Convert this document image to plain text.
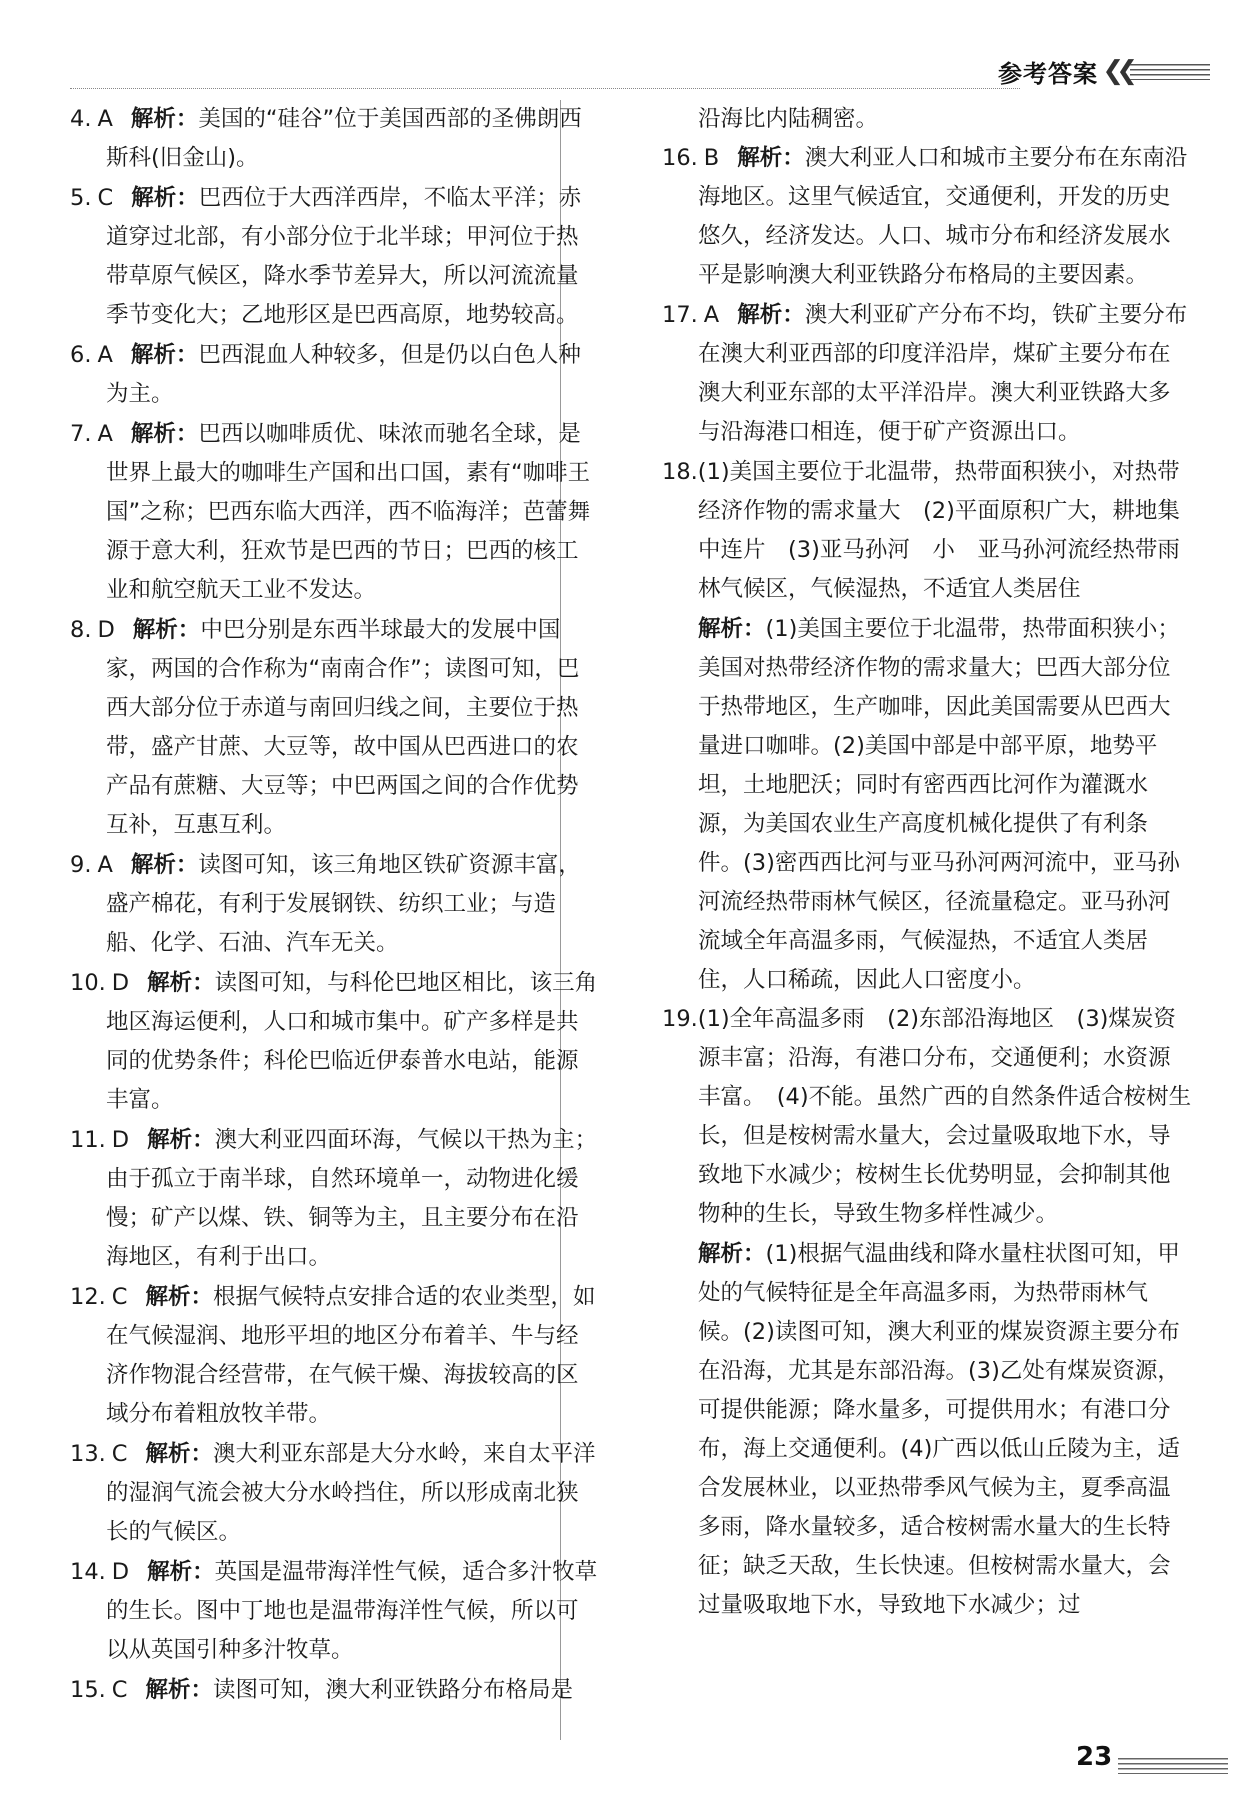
参考答案 ❮❮
4. A 解析：美国的“硅谷”位于美国西部的圣佛朗西斯科(旧金山)。
5. C 解析：巴西位于大西洋西岸，不临太平洋；赤道穿过北部，有小部分位于北半球；甲河位于热带草原气候区，降水季节差异大，所以河流流量季节变化大；乙地形区是巴西高原，地势较高。
6. A 解析：巴西混血人种较多，但是仍以白色人种为主。
7. A 解析：巴西以咖啡质优、味浓而驰名全球，是世界上最大的咖啡生产国和出口国，素有“咖啡王国”之称；巴西东临大西洋，西不临海洋；芭蕾舞源于意大利，狂欢节是巴西的节日；巴西的核工业和航空航天工业不发达。
8. D 解析：中巴分别是东西半球最大的发展中国家，两国的合作称为“南南合作”；读图可知，巴西大部分位于赤道与南回归线之间，主要位于热带，盛产甘蔗、大豆等，故中国从巴西进口的农产品有蔗糖、大豆等；中巴两国之间的合作优势互补，互惠互利。
9. A 解析：读图可知，该三角地区铁矿资源丰富，盛产棉花，有利于发展钢铁、纺织工业；与造船、化学、石油、汽车无关。
10. D 解析：读图可知，与科伦巴地区相比，该三角地区海运便利，人口和城市集中。矿产多样是共同的优势条件；科伦巴临近伊泰普水电站，能源丰富。
11. D 解析：澳大利亚四面环海，气候以干热为主；由于孤立于南半球，自然环境单一，动物进化缓慢；矿产以煤、铁、铜等为主，且主要分布在沿海地区，有利于出口。
12. C 解析：根据气候特点安排合适的农业类型，如在气候湿润、地形平坦的地区分布着羊、牛与经济作物混合经营带，在气候干燥、海拔较高的区域分布着粗放牧羊带。
13. C 解析：澳大利亚东部是大分水岭，来自太平洋的湿润气流会被大分水岭挡住，所以形成南北狭长的气候区。
14. D 解析：英国是温带海洋性气候，适合多汁牧草的生长。图中丁地也是温带海洋性气候，所以可以从英国引种多汁牧草。
15. C 解析：读图可知，澳大利亚铁路分布格局是
沿海比内陆稠密。
16. B 解析：澳大利亚人口和城市主要分布在东南沿海地区。这里气候适宜，交通便利，开发的历史悠久，经济发达。人口、城市分布和经济发展水平是影响澳大利亚铁路分布格局的主要因素。
17. A 解析：澳大利亚矿产分布不均，铁矿主要分布在澳大利亚西部的印度洋沿岸，煤矿主要分布在澳大利亚东部的太平洋沿岸。澳大利亚铁路大多与沿海港口相连，便于矿产资源出口。
18.(1)美国主要位于北温带，热带面积狭小，对热带经济作物的需求量大　(2)平面原积广大，耕地集中连片　(3)亚马孙河　小　亚马孙河流经热带雨林气候区，气候湿热，不适宜人类居住
解析：(1)美国主要位于北温带，热带面积狭小；美国对热带经济作物的需求量大；巴西大部分位于热带地区，生产咖啡，因此美国需要从巴西大量进口咖啡。(2)美国中部是中部平原，地势平坦，土地肥沃；同时有密西西比河作为灌溉水源，为美国农业生产高度机械化提供了有利条件。(3)密西西比河与亚马孙河两河流中，亚马孙河流经热带雨林气候区，径流量稳定。亚马孙河流域全年高温多雨，气候湿热，不适宜人类居住，人口稀疏，因此人口密度小。
19.(1)全年高温多雨　(2)东部沿海地区　(3)煤炭资源丰富；沿海，有港口分布，交通便利；水资源丰富。　(4)不能。虽然广西的自然条件适合桉树生长，但是桉树需水量大，会过量吸取地下水，导致地下水减少；桉树生长优势明显，会抑制其他物种的生长，导致生物多样性减少。
解析：(1)根据气温曲线和降水量柱状图可知，甲处的气候特征是全年高温多雨，为热带雨林气候。(2)读图可知，澳大利亚的煤炭资源主要分布在沿海，尤其是东部沿海。(3)乙处有煤炭资源，可提供能源；降水量多，可提供用水；有港口分布，海上交通便利。(4)广西以低山丘陵为主，适合发展林业，以亚热带季风气候为主，夏季高温多雨，降水量较多，适合桉树需水量大的生长特征；缺乏天敌，生长快速。但桉树需水量大，会过量吸取地下水，导致地下水减少；过
23
